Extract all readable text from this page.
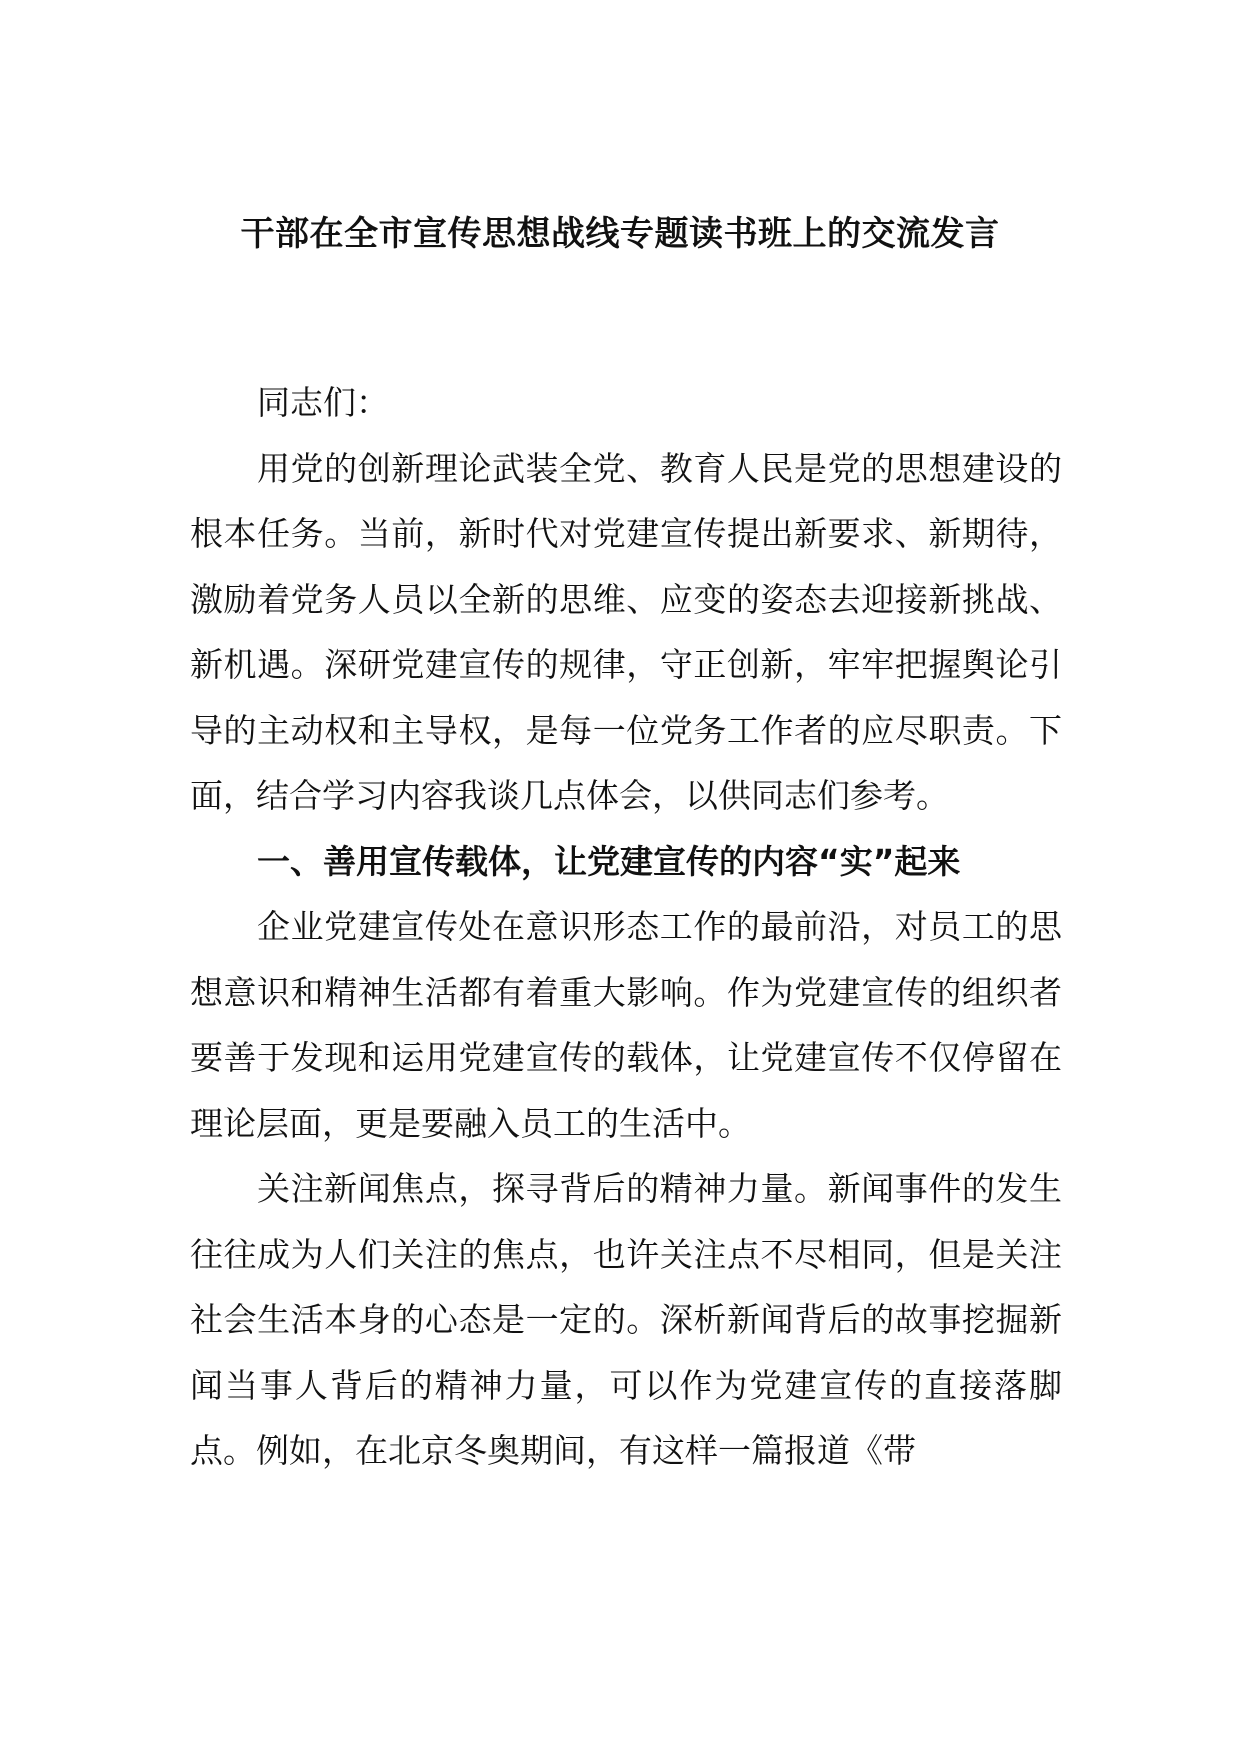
干部在全市宣传思想战线专题读书班上的交流发言

同志们：

用党的创新理论武装全党、教育人民是党的思想建设的根本任务。当前，新时代对党建宣传提出新要求、新期待，激励着党务人员以全新的思维、应变的姿态去迎接新挑战、新机遇。深研党建宣传的规律，守正创新，牢牢把握舆论引导的主动权和主导权，是每一位党务工作者的应尽职责。下面，结合学习内容我谈几点体会，以供同志们参考。

一、善用宣传载体，让党建宣传的内容“实”起来

企业党建宣传处在意识形态工作的最前沿，对员工的思想意识和精神生活都有着重大影响。作为党建宣传的组织者要善于发现和运用党建宣传的载体，让党建宣传不仅停留在理论层面，更是要融入员工的生活中。

关注新闻焦点，探寻背后的精神力量。新闻事件的发生往往成为人们关注的焦点，也许关注点不尽相同，但是关注社会生活本身的心态是一定的。深析新闻背后的故事挖掘新闻当事人背后的精神力量，可以作为党建宣传的直接落脚点。例如，在北京冬奥期间，有这样一篇报道《带
